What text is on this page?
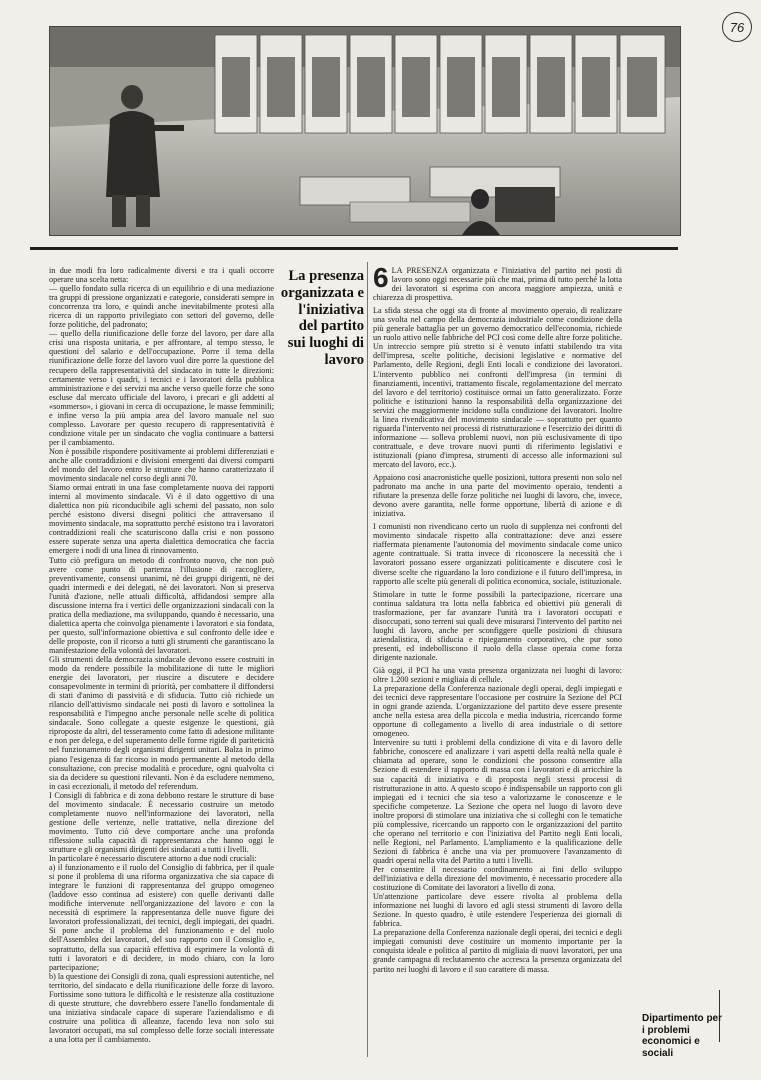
76

in due modi fra loro radicalmente diversi e tra i quali occorre operare una scelta netta:

— quello fondato sulla ricerca di un equilibrio e di una mediazione tra gruppi di pressione organizzati e categorie, considerati sempre in concorrenza tra loro, e quindi anche inevitabilmente protesi alla ricerca di un rapporto privilegiato con settori del governo, delle forze politiche, del padronato;

— quello della riunificazione delle forze del lavoro, per dare alla crisi una risposta unitaria, e per affrontare, al tempo stesso, le questioni del salario e dell'occupazione. Porre il tema della riunificazione delle forze del lavoro vuol dire porre la questione del recupero della rappresentatività del sindacato in tutte le direzioni: certamente verso i quadri, i tecnici e i lavoratori della pubblica amministrazione e dei servizi ma anche verso quelle forze che sono escluse dal mercato ufficiale del lavoro, i precari e gli addetti al «sommerso», i giovani in cerca di occupazione, le masse femminili; e infine verso la più ampia area del lavoro manuale nel suo complesso. Lavorare per questo recupero di rappresentatività è condizione vitale per un sindacato che voglia continuare a battersi per il cambiamento.

Non è possibile rispondere positivamente ai problemi differenziati e anche alle contraddizioni e divisioni emergenti dai diversi comparti del mondo del lavoro entro le strutture che hanno caratterizzato il movimento sindacale nel corso degli anni 70.

Siamo ormai entrati in una fase completamente nuova dei rapporti interni al movimento sindacale. Vi è il dato oggettivo di una dialettica non più riconducibile agli schemi del passato, non solo perché esistono diversi disegni politici che attraversano il movimento sindacale, ma soprattutto perché esistono tra i lavoratori contraddizioni reali che scaturiscono dalla crisi e non possono essere superate senza una aperta dialettica democratica che faccia emergere i nodi di una linea di rinnovamento.

Tutto ciò prefigura un metodo di confronto nuovo, che non può avere come punto di partenza l'illusione di raccogliere, preventivamente, consensi unanimi, nè dei gruppi dirigenti, nè dei quadri intermedi e dei delegati, nè dei lavoratori. Non si preserva l'unità d'azione, nelle attuali difficoltà, affidandosi sempre alla discussione interna fra i vertici delle organizzazioni sindacali con la pratica della mediazione, ma sviluppando, quando è necessario, una dialettica aperta che coinvolga pienamente i lavoratori e sia fondata, per questo, sull'informazione obiettiva e sul confronto delle idee e delle proposte, con il ricorso a tutti gli strumenti che garantiscano la manifestazione della volontà dei lavoratori.

Gli strumenti della democrazia sindacale devono essere costruiti in modo da rendere possibile la mobilitazione di tutte le migliori energie dei lavoratori, per riuscire a discutere e decidere consapevolmente in termini di priorità, per combattere il diffondersi di stati d'animo di passività e di sfiducia. Tutto ciò richiede un rilancio dell'attivismo sindacale nei posti di lavoro e sottolinea la responsabilità e l'impegno anche personale nelle scelte di politica sindacale. Sono collegate a queste esigenze le questioni, già riproposte da altri, del tesseramento come fatto di adesione militante e non per delega, e del superamento delle forme rigide di pariteticità nel funzionamento degli organismi dirigenti unitari. Balza in primo piano l'esigenza di far ricorso in modo permanente al metodo della consultazione, con precise modalità e procedure, ogni qualvolta ci sia da decidere su questioni rilevanti. Non è da escludere nemmeno, in casi eccezionali, il metodo del referendum.

I Consigli di fabbrica e di zona debbono restare le strutture di base del movimento sindacale. È necessario costruire un metodo completamente nuovo nell'informazione dei lavoratori, nella gestione delle vertenze, nelle trattative, nella direzione del movimento. Tutto ciò deve comportare anche una profonda riflessione sulla capacità di rappresentanza che hanno oggi le strutture e gli organismi dirigenti dei sindacati a tutti i livelli.

In particolare è necessario discutere attorno a due nodi cruciali:

a) il funzionamento e il ruolo del Consiglio di fabbrica, per il quale si pone il problema di una riforma organizzativa che sia capace di integrare le funzioni di rappresentanza del gruppo omogeneo (laddove esso continua ad esistere) con quelle derivanti dalle modifiche intervenute nell'organizzazione del lavoro e con la necessità di esprimere la rappresentanza delle nuove figure dei lavoratori professionalizzati, dei tecnici, degli impiegati, dei quadri. Si pone anche il problema del funzionamento e del ruolo dell'Assemblea dei lavoratori, del suo rapporto con il Consiglio e, soprattutto, della sua capacità effettiva di esprimere la volontà di tutti i lavoratori e di decidere, in modo chiaro, con la loro partecipazione;

b) la questione dei Consigli di zona, quali espressioni autentiche, nel territorio, del sindacato e della riunificazione delle forze di lavoro. Fortissime sono tuttora le difficoltà e le resistenze alla costituzione di queste strutture, che dovrebbero essere l'anello fondamentale di una iniziativa sindacale capace di superare l'aziendalismo e di costruire una politica di alleanze, facendo leva non solo sui lavoratori occupati, ma sul complesso delle forze sociali interessate a una lotta per il cambiamento.

La presenza organizzata e l'iniziativa del partito sui luoghi di lavoro

6 LA PRESENZA organizzata e l'iniziativa del partito nei posti di lavoro sono oggi necessarie più che mai, prima di tutto perché la lotta dei lavoratori si esprima con ancora maggiore ampiezza, unità e chiarezza di prospettiva.

La sfida stessa che oggi sta di fronte al movimento operaio, di realizzare una svolta nel campo della democrazia industriale come condizione della più generale battaglia per un governo democratico dell'economia, richiede un ruolo attivo nelle fabbriche del PCI così come delle altre forze politiche. Un intreccio sempre più stretto si è venuto infatti stabilendo tra vita dell'impresa, scelte politiche, decisioni legislative e normative del Parlamento, delle Regioni, degli Enti locali e condizione dei lavoratori. L'intervento pubblico nei confronti dell'impresa (in termini di finanziamenti, incentivi, trattamento fiscale, regolamentazione del mercato del lavoro e del territorio) costituisce ormai un fatto generalizzato. Forze politiche e istituzioni hanno la responsabilità della organizzazione dei servizi che maggiormente incidono sulla condizione dei lavoratori. Inoltre la linea rivendicativa del movimento sindacale — soprattutto per quanto riguarda l'intervento nei processi di ristrutturazione e l'esercizio dei diritti di informazione — solleva problemi nuovi, non più esclusivamente di tipo contrattuale, e deve trovare nuovi punti di riferimento legislativi e istituzionali (piano d'impresa, strumenti di accesso alle informazioni sul mercato del lavoro, ecc.).

Appaiono così anacronistiche quelle posizioni, tuttora presenti non solo nel padronato ma anche in una parte del movimento operaio, tendenti a rifiutare la presenza delle forze politiche nei luoghi di lavoro, che, invece, devono avere garantita, nelle forme opportune, libertà di azione e di iniziativa.

I comunisti non rivendicano certo un ruolo di supplenza nei confronti del movimento sindacale rispetto alla contrattazione: deve anzi essere riaffermata pienamente l'autonomia del movimento sindacale come unico agente contrattuale. Si tratta invece di riconoscere la necessità che i lavoratori possano essere organizzati politicamente e discutere così le diverse scelte che riguardano la loro condizione e il futuro dell'impresa, in rapporto alle scelte più generali di politica economica, sociale, istituzionale.

Stimolare in tutte le forme possibili la partecipazione, ricercare una continua saldatura tra lotta nella fabbrica ed obiettivi più generali di trasformazione, per far avanzare l'unità tra i lavoratori occupati e disoccupati, sono terreni sui quali deve misurarsi l'intervento del partito nei luoghi di lavoro, anche per sconfiggere quelle posizioni di chiusura aziendalistica, di sfiducia e ripiegamento corporativo, che pur sono presenti, ed indebolliscono il ruolo della classe operaia come forza dirigente nazionale.

Già oggi, il PCI ha una vasta presenza organizzata nei luoghi di lavoro: oltre 1.200 sezioni e migliaia di cellule.

La preparazione della Conferenza nazionale degli operai, degli impiegati e dei tecnici deve rappresentare l'occasione per costruire la Sezione del PCI in ogni grande azienda. L'organizzazione del partito deve essere presente anche nella estesa area della piccola e media industria, ricercando forme opportune di collegamento a livello di area industriale o di settore omogeneo.

Intervenire su tutti i problemi della condizione di vita e di lavoro delle fabbriche, conoscere ed analizzare i vari aspetti della realtà nella quale è chiamata ad operare, sono le condizioni che possono consentire alla Sezione di estendere il rapporto di massa con i lavoratori e di arricchire la sua capacità di iniziativa e di proposta negli stessi processi di ristrutturazione in atto. A questo scopo è indispensabile un rapporto con gli impiegati ed i tecnici che sia teso a valorizzarne le conoscenze e le specifiche competenze. La Sezione che opera nel luogo di lavoro deve inoltre proporsi di stimolare una iniziativa che si colleghi con le tematiche più complessive, ricercando un rapporto con le organizzazioni del partito che operano nel territorio e con l'iniziativa del Partito negli Enti locali, nelle Regioni, nel Parlamento. L'ampliamento e la qualificazione delle Sezioni di fabbrica è anche una via per promuovere l'avanzamento di quadri operai nella vita del Partito a tutti i livelli.

Per consentire il necessario coordinamento ai fini dello sviluppo dell'iniziativa e della direzione del movimento, è necessario procedere alla costituzione di Comitate dei lavoratori a livello di zona.

Un'attenzione particolare deve essere rivolta al problema della informazione nei luoghi di lavoro ed agli stessi strumenti di lavoro della Sezione. In questo quadro, è utile estendere l'esperienza dei giornali di fabbrica.

La preparazione della Conferenza nazionale degli operai, dei tecnici e degli impiegati comunisti deve costituire un momento importante per la conquista ideale e politica al partito di migliaia di nuovi lavoratori, per una grande campagna di reclutamento che accresca la presenza organizzata del partito nei luoghi di lavoro e il suo carattere di massa.

Dipartimento per i problemi economici e sociali
